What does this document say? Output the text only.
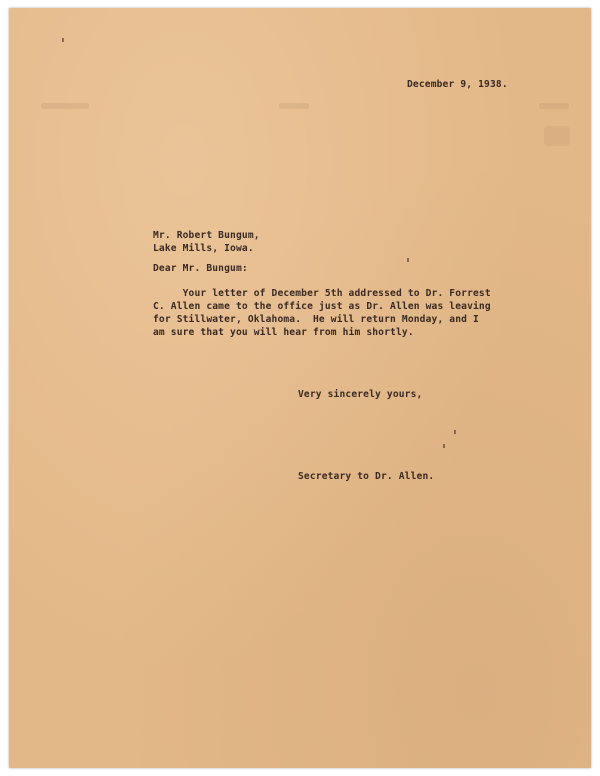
December 9, 1938.
Mr. Robert Bungum,
Lake Mills, Iowa.
Dear Mr. Bungum:
Your letter of December 5th addressed to Dr. Forrest
C. Allen came to the office just as Dr. Allen was leaving
for Stillwater, Oklahoma.  He will return Monday, and I
am sure that you will hear from him shortly.
Very sincerely yours,
Secretary to Dr. Allen.
